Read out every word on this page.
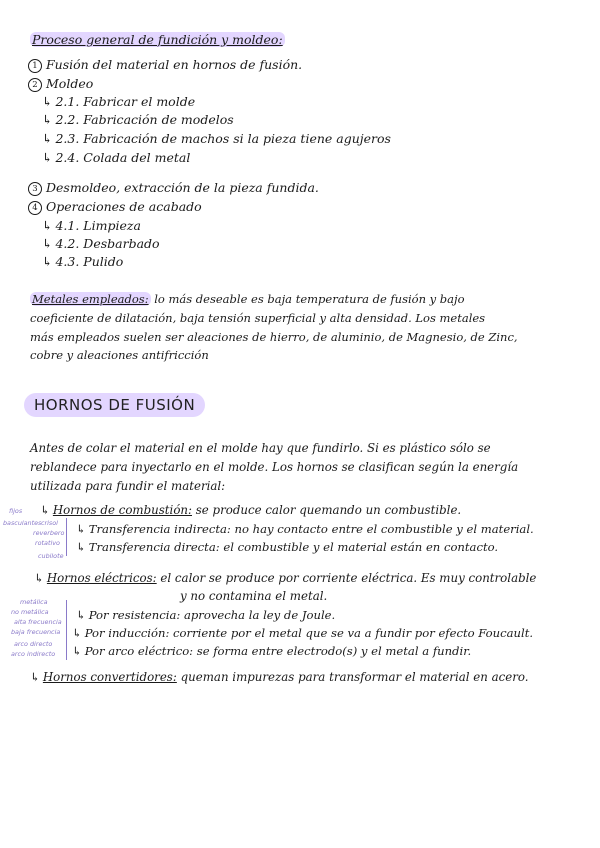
Proceso general de fundición y moldeo:
1 Fusión del material en hornos de fusión.
2 Moldeo
↳ 2.1. Fabricar el molde
↳ 2.2. Fabricación de modelos
↳ 2.3. Fabricación de machos si la pieza tiene agujeros
↳ 2.4. Colada del metal
3 Desmoldeo, extracción de la pieza fundida.
4 Operaciones de acabado
↳ 4.1. Limpieza
↳ 4.2. Desbarbado
↳ 4.3. Pulido
Metales empleados: lo más deseable es baja temperatura de fusión y bajo
coeficiente de dilatación, baja tensión superficial y alta densidad. Los metales
más empleados suelen ser aleaciones de hierro, de aluminio, de Magnesio, de Zinc,
cobre y aleaciones antifricción
HORNOS DE FUSIÓN
Antes de colar el material en el molde hay que fundirlo. Si es plástico sólo se
reblandece para inyectarlo en el molde. Los hornos se clasifican según la energía
utilizada para fundir el material:
↳ Hornos de combustión: se produce calor quemando un combustible.
↳ Transferencia indirecta: no hay contacto entre el combustible y el material.
↳ Transferencia directa: el combustible y el material están en contacto.
fijos
basculantes crisol
reverbero
rotativo
cubilote
↳ Hornos eléctricos: el calor se produce por corriente eléctrica. Es muy controlable
y no contamina el metal.
↳ Por resistencia: aprovecha la ley de Joule.
↳ Por inducción: corriente por el metal que se va a fundir por efecto Foucault.
↳ Por arco eléctrico: se forma entre electrodo(s) y el metal a fundir.
metálica
no metálica
alta frecuencia
baja frecuencia
arco directo
arco indirecto
↳ Hornos convertidores: queman impurezas para transformar el material en acero.
